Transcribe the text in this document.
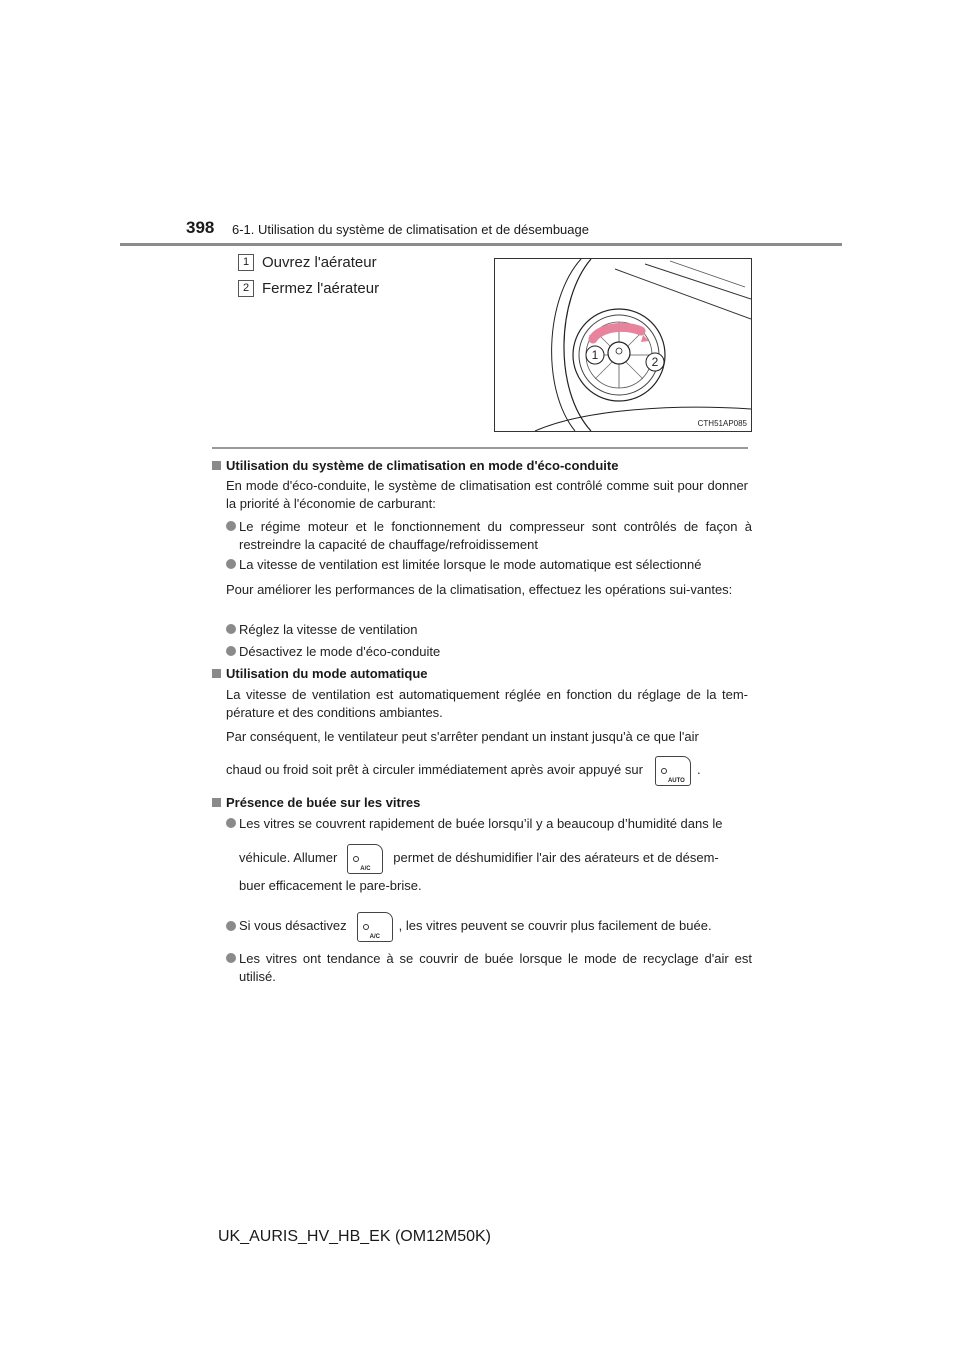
398 6-1. Utilisation du système de climatisation et de désembuage
1 Ouvrez l'aérateur
2 Fermez l'aérateur
1	2
CTH51AP085
Utilisation du système de climatisation en mode d'éco-conduite
En mode d'éco-conduite, le système de climatisation est contrôlé comme suit pour donner la priorité à l'économie de carburant:
Le régime moteur et le fonctionnement du compresseur sont contrôlés de façon à restreindre la capacité de chauffage/refroidissement
La vitesse de ventilation est limitée lorsque le mode automatique est sélectionné
Pour améliorer les performances de la climatisation, effectuez les opérations sui-vantes:
Réglez la vitesse de ventilation
Désactivez le mode d'éco-conduite
Utilisation du mode automatique
La vitesse de ventilation est automatiquement réglée en fonction du réglage de la tem-pérature et des conditions ambiantes.
Par conséquent, le ventilateur peut s'arrêter pendant un instant jusqu'à ce que l'air
chaud ou froid soit prêt à circuler immédiatement après avoir appuyé sur
AUTO
.
Présence de buée sur les vitres
Les vitres se couvrent rapidement de buée lorsqu’il y a beaucoup d’humidité dans le
véhicule. Allumer
A/C
permet de déshumidifier l'air des aérateurs et de désem-
buer efficacement le pare-brise.
Si vous désactivez
A/C
, les vitres peuvent se couvrir plus facilement de buée.
Les vitres ont tendance à se couvrir de buée lorsque le mode de recyclage d'air est utilisé.
UK_AURIS_HV_HB_EK (OM12M50K)
